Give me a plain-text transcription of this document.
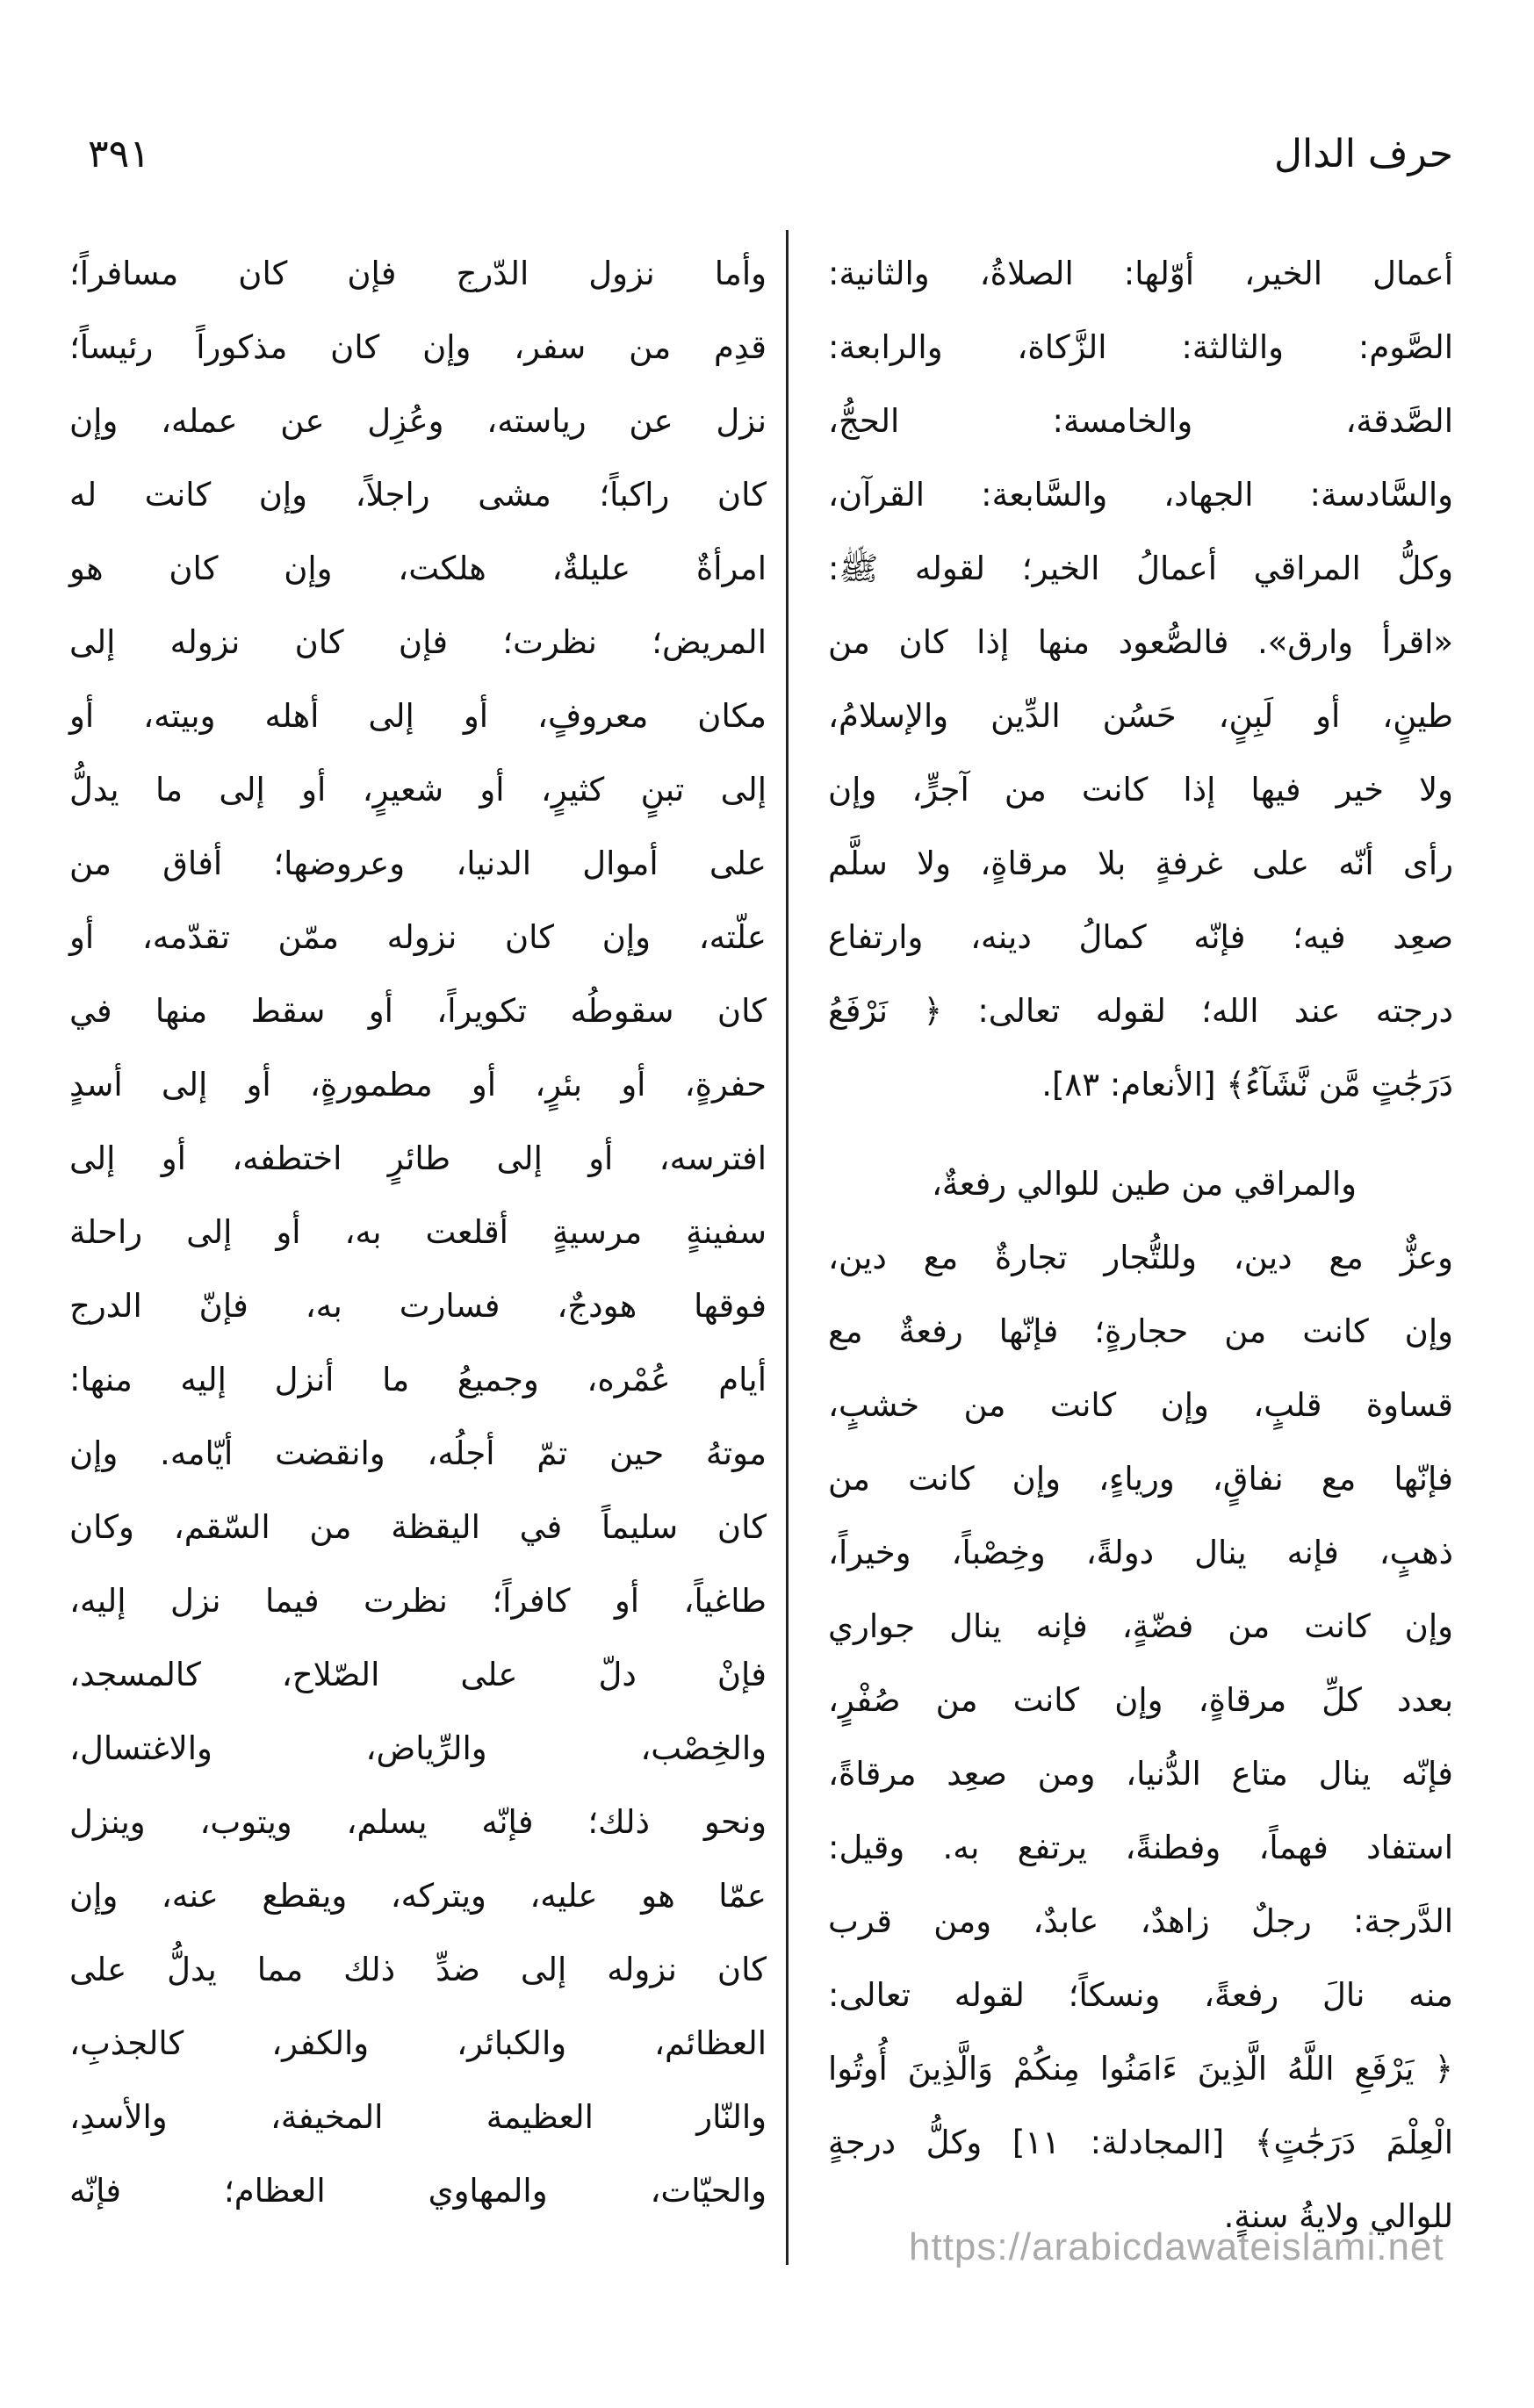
حرف الدال
٣٩١
أعمال الخير، أوّلها: الصلاةُ، والثانية:
الصَّوم: والثالثة: الزَّكاة، والرابعة:
الصَّدقة، والخامسة: الحجُّ،
والسَّادسة: الجهاد، والسَّابعة: القرآن،
وكلُّ المراقي أعمالُ الخير؛ لقوله ﷺ:
«اقرأ وارق». فالصُّعود منها إذا كان من
طينٍ، أو لَبِنٍ، حَسُن الدِّين والإسلامُ،
ولا خير فيها إذا كانت من آجرٍّ، وإن
رأى أنّه على غرفةٍ بلا مرقاةٍ، ولا سلَّم
صعِد فيه؛ فإنّه كمالُ دينه، وارتفاع
درجته عند الله؛ لقوله تعالى: ﴿ نَرْفَعُ
دَرَجَٰتٍ مَّن نَّشَآءُ﴾ [الأنعام: ٨٣].
والمراقي من طين للوالي رفعةٌ،
وعزٌّ مع دين، وللتُّجار تجارةٌ مع دين،
وإن كانت من حجارةٍ؛ فإنّها رفعةٌ مع
قساوة قلبٍ، وإن كانت من خشبٍ،
فإنّها مع نفاقٍ، ورياءٍ، وإن كانت من
ذهبٍ، فإنه ينال دولةً، وخِصْباً، وخيراً،
وإن كانت من فضّةٍ، فإنه ينال جواري
بعدد كلِّ مرقاةٍ، وإن كانت من صُفْرٍ،
فإنّه ينال متاع الدُّنيا، ومن صعِد مرقاةً،
استفاد فهماً، وفطنةً، يرتفع به. وقيل:
الدَّرجة: رجلٌ زاهدٌ، عابدٌ، ومن قرب
منه نالَ رفعةً، ونسكاً؛ لقوله تعالى:
﴿ يَرْفَعِ اللَّهُ الَّذِينَ ءَامَنُوا مِنكُمْ وَالَّذِينَ أُوتُوا
الْعِلْمَ دَرَجَٰتٍ﴾ [المجادلة: ١١] وكلُّ درجةٍ
للوالي ولايةُ سنةٍ.
وأما نزول الدّرج فإن كان مسافراً؛
قدِم من سفر، وإن كان مذكوراً رئيساً؛
نزل عن رياسته، وعُزِل عن عمله، وإن
كان راكباً؛ مشى راجلاً، وإن كانت له
امرأةٌ عليلةٌ، هلكت، وإن كان هو
المريض؛ نظرت؛ فإن كان نزوله إلى
مكان معروفٍ، أو إلى أهله وبيته، أو
إلى تبنٍ كثيرٍ، أو شعيرٍ، أو إلى ما يدلُّ
على أموال الدنيا، وعروضها؛ أفاق من
علّته، وإن كان نزوله ممّن تقدّمه، أو
كان سقوطُه تكويراً، أو سقط منها في
حفرةٍ، أو بئرٍ، أو مطمورةٍ، أو إلى أسدٍ
افترسه، أو إلى طائرٍ اختطفه، أو إلى
سفينةٍ مرسيةٍ أقلعت به، أو إلى راحلة
فوقها هودجٌ، فسارت به، فإنّ الدرج
أيام عُمْره، وجميعُ ما أنزل إليه منها:
موتهُ حين تمّ أجلُه، وانقضت أيّامه. وإن
كان سليماً في اليقظة من السّقم، وكان
طاغياً، أو كافراً؛ نظرت فيما نزل إليه،
فإنْ دلّ على الصّلاح، كالمسجد،
والخِصْب، والرِّياض، والاغتسال،
ونحو ذلك؛ فإنّه يسلم، ويتوب، وينزل
عمّا هو عليه، ويتركه، ويقطع عنه، وإن
كان نزوله إلى ضدِّ ذلك مما يدلُّ على
العظائم، والكبائر، والكفر، كالجذبِ،
والنّار العظيمة المخيفة، والأسدِ،
والحيّات، والمهاوي العظام؛ فإنّه
https://arabicdawateislami.net
